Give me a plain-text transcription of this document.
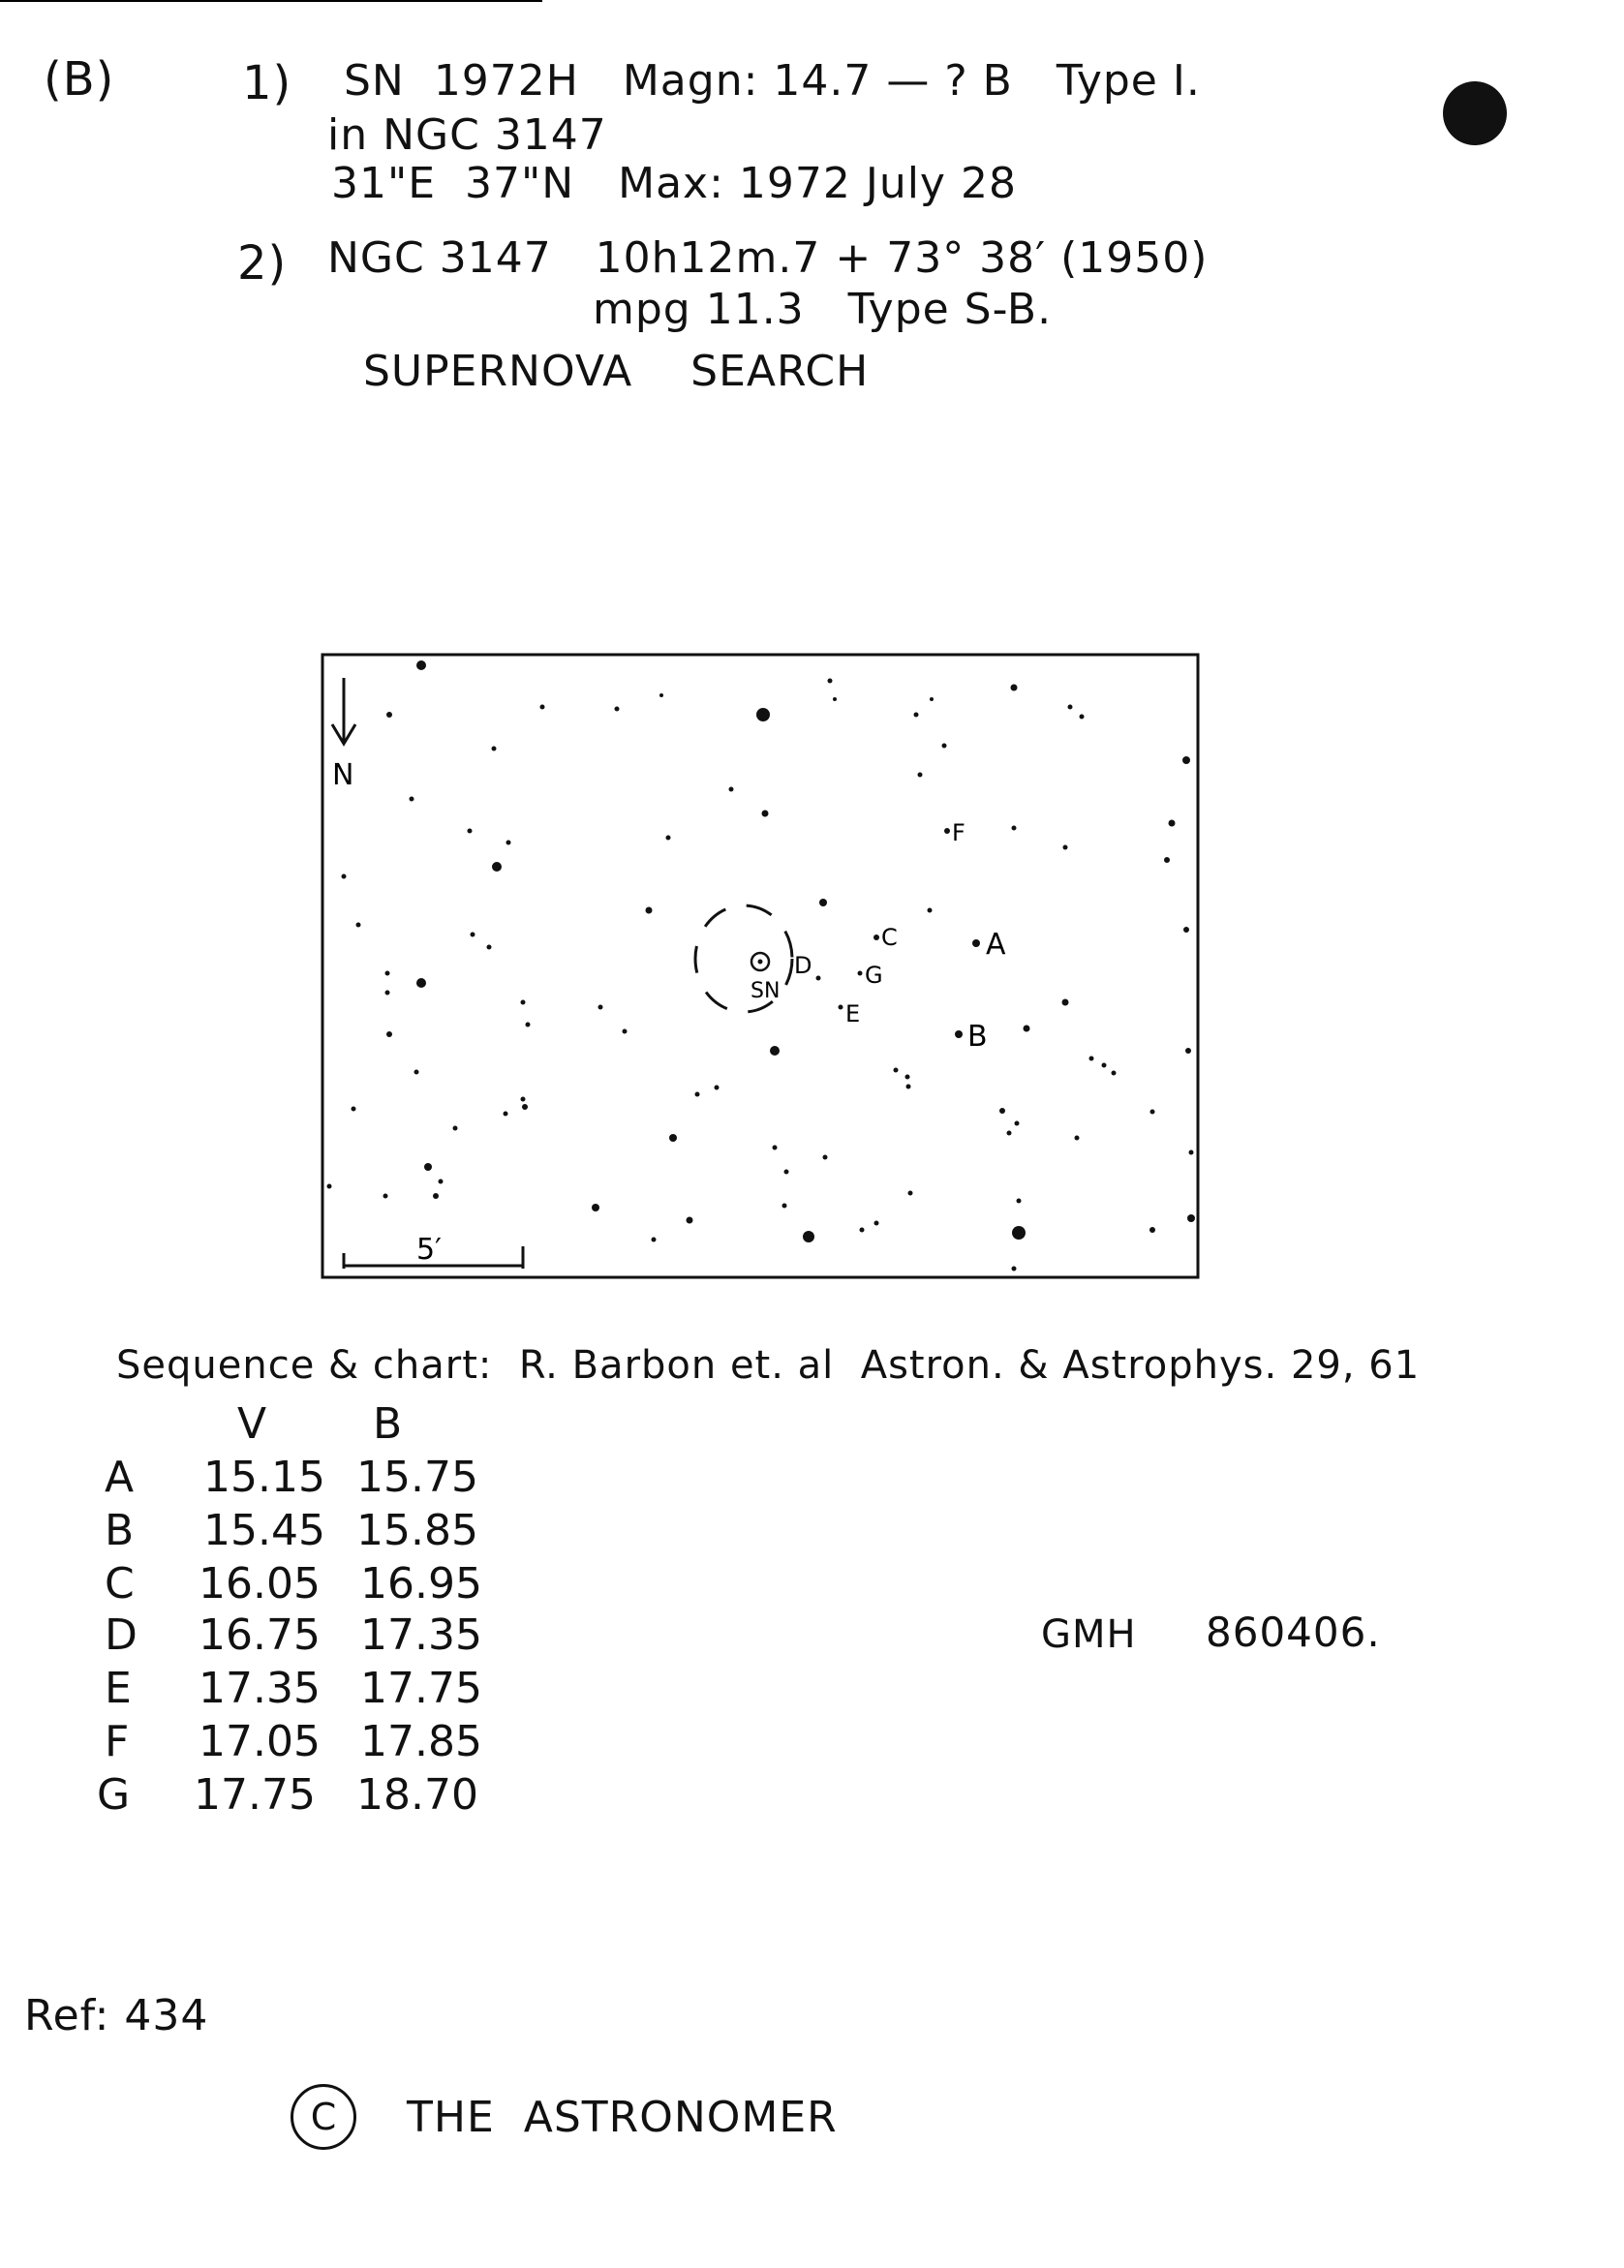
(B)	1) SN  1972H   Magn: 14.7 — ? B   Type I.
in NGC 3147
31"E  37"N   Max: 1972 July 28
2) NGC 3147   10h12m.7 + 73° 38′ (1950)
mpg 11.3   Type S-B.
SUPERNOVA    SEARCH
N
5′
SN
A
B
C
D
E
F
G
Sequence & chart:  R. Barbon et. al  Astron. & Astrophys. 29, 61
V B
A 15.15 15.75
B 15.45 15.85
C 16.05 16.95
D 16.75 17.35
E 17.35 17.75
F 17.05 17.85
G 17.75 18.70
GMH 860406.
Ref: 434
C THE  ASTRONOMER
